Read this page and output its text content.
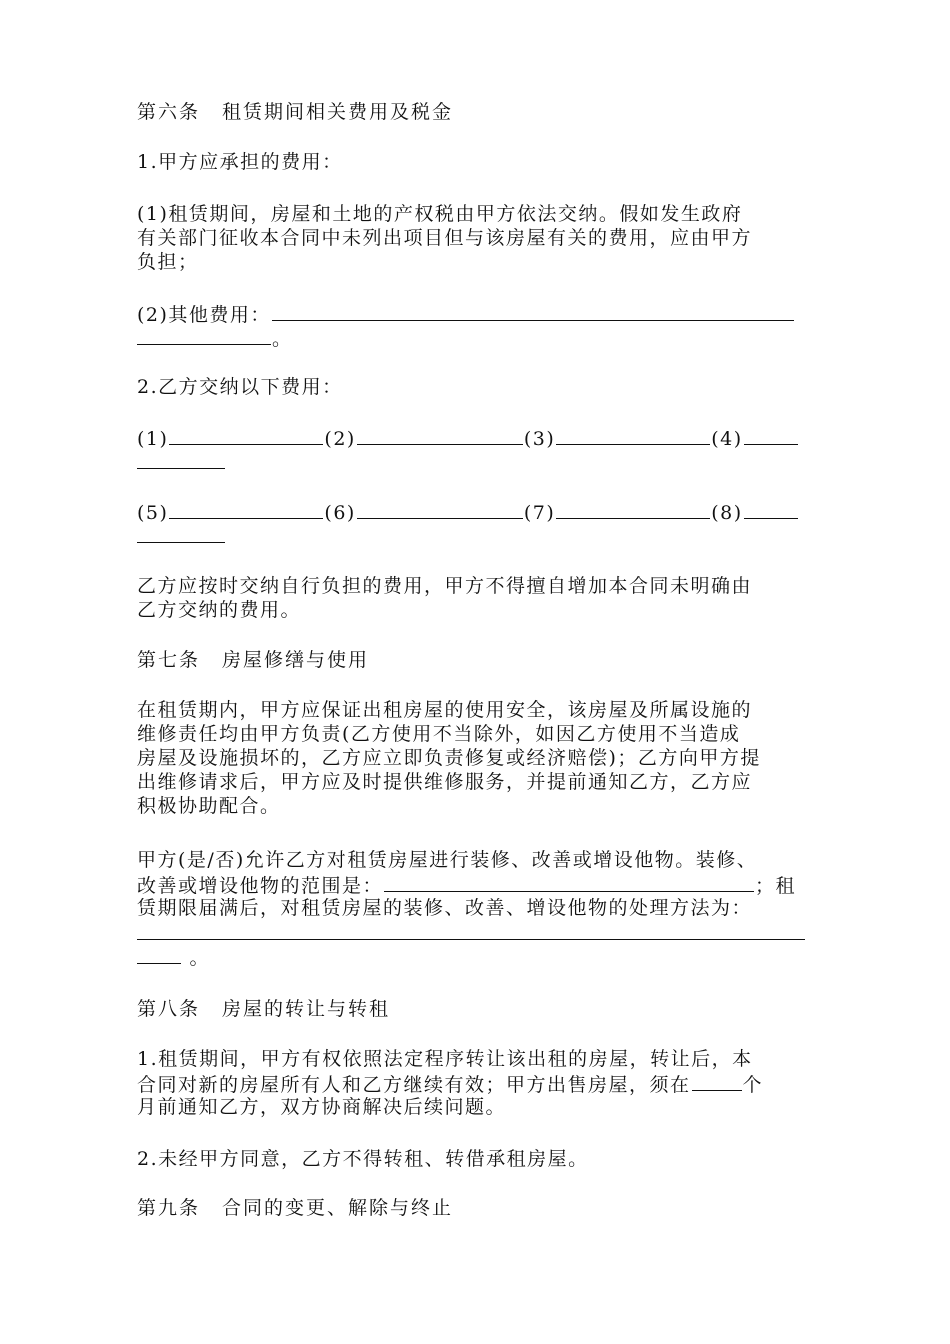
第六条 租赁期间相关费用及税金
1.甲方应承担的费用：
(1)租赁期间，房屋和土地的产权税由甲方依法交纳。假如发生政府
有关部门征收本合同中未列出项目但与该房屋有关的费用，应由甲方
负担；
(2)其他费用：
。
2.乙方交纳以下费用：
(1)	(2)	(3)	(4)
(5)	(6)	(7)	(8)
乙方应按时交纳自行负担的费用，甲方不得擅自增加本合同未明确由
乙方交纳的费用。
第七条 房屋修缮与使用
在租赁期内，甲方应保证出租房屋的使用安全，该房屋及所属设施的
维修责任均由甲方负责(乙方使用不当除外，如因乙方使用不当造成
房屋及设施损坏的，乙方应立即负责修复或经济赔偿)；乙方向甲方提
出维修请求后，甲方应及时提供维修服务，并提前通知乙方，乙方应
积极协助配合。
甲方(是/否)允许乙方对租赁房屋进行装修、改善或增设他物。装修、
改善或增设他物的范围是：	；租
赁期限届满后，对租赁房屋的装修、改善、增设他物的处理方法为：
。
第八条 房屋的转让与转租
1.租赁期间，甲方有权依照法定程序转让该出租的房屋，转让后，本
合同对新的房屋所有人和乙方继续有效；甲方出售房屋，须在	个
月前通知乙方，双方协商解决后续问题。
2.未经甲方同意，乙方不得转租、转借承租房屋。
第九条 合同的变更、解除与终止
